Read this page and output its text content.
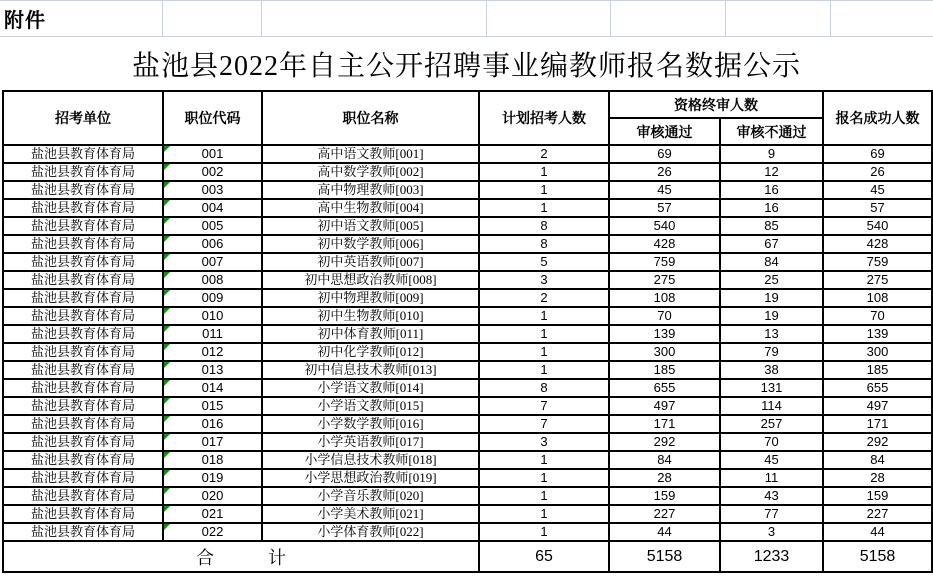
附件
盐池县2022年自主公开招聘事业编教师报名数据公示
招考单位	职位代码	职位名称	计划招考人数	资格终审人数		报名成功人数
				审核通过	审核不通过	
盐池县教育体育局	001	高中语文教师[001]	2	69	9	69
盐池县教育体育局	002	高中数学教师[002]	1	26	12	26
盐池县教育体育局	003	高中物理教师[003]	1	45	16	45
盐池县教育体育局	004	高中生物教师[004]	1	57	16	57
盐池县教育体育局	005	初中语文教师[005]	8	540	85	540
盐池县教育体育局	006	初中数学教师[006]	8	428	67	428
盐池县教育体育局	007	初中英语教师[007]	5	759	84	759
盐池县教育体育局	008	初中思想政治教师[008]	3	275	25	275
盐池县教育体育局	009	初中物理教师[009]	2	108	19	108
盐池县教育体育局	010	初中生物教师[010]	1	70	19	70
盐池县教育体育局	011	初中体育教师[011]	1	139	13	139
盐池县教育体育局	012	初中化学教师[012]	1	300	79	300
盐池县教育体育局	013	初中信息技术教师[013]	1	185	38	185
盐池县教育体育局	014	小学语文教师[014]	8	655	131	655
盐池县教育体育局	015	小学语文教师[015]	7	497	114	497
盐池县教育体育局	016	小学数学教师[016]	7	171	257	171
盐池县教育体育局	017	小学英语教师[017]	3	292	70	292
盐池县教育体育局	018	小学信息技术教师[018]	1	84	45	84
盐池县教育体育局	019	小学思想政治教师[019]	1	28	11	28
盐池县教育体育局	020	小学音乐教师[020]	1	159	43	159
盐池县教育体育局	021	小学美术教师[021]	1	227	77	227
盐池县教育体育局	022	小学体育教师[022]	1	44	3	44
合　　　计			65	5158	1233	5158
